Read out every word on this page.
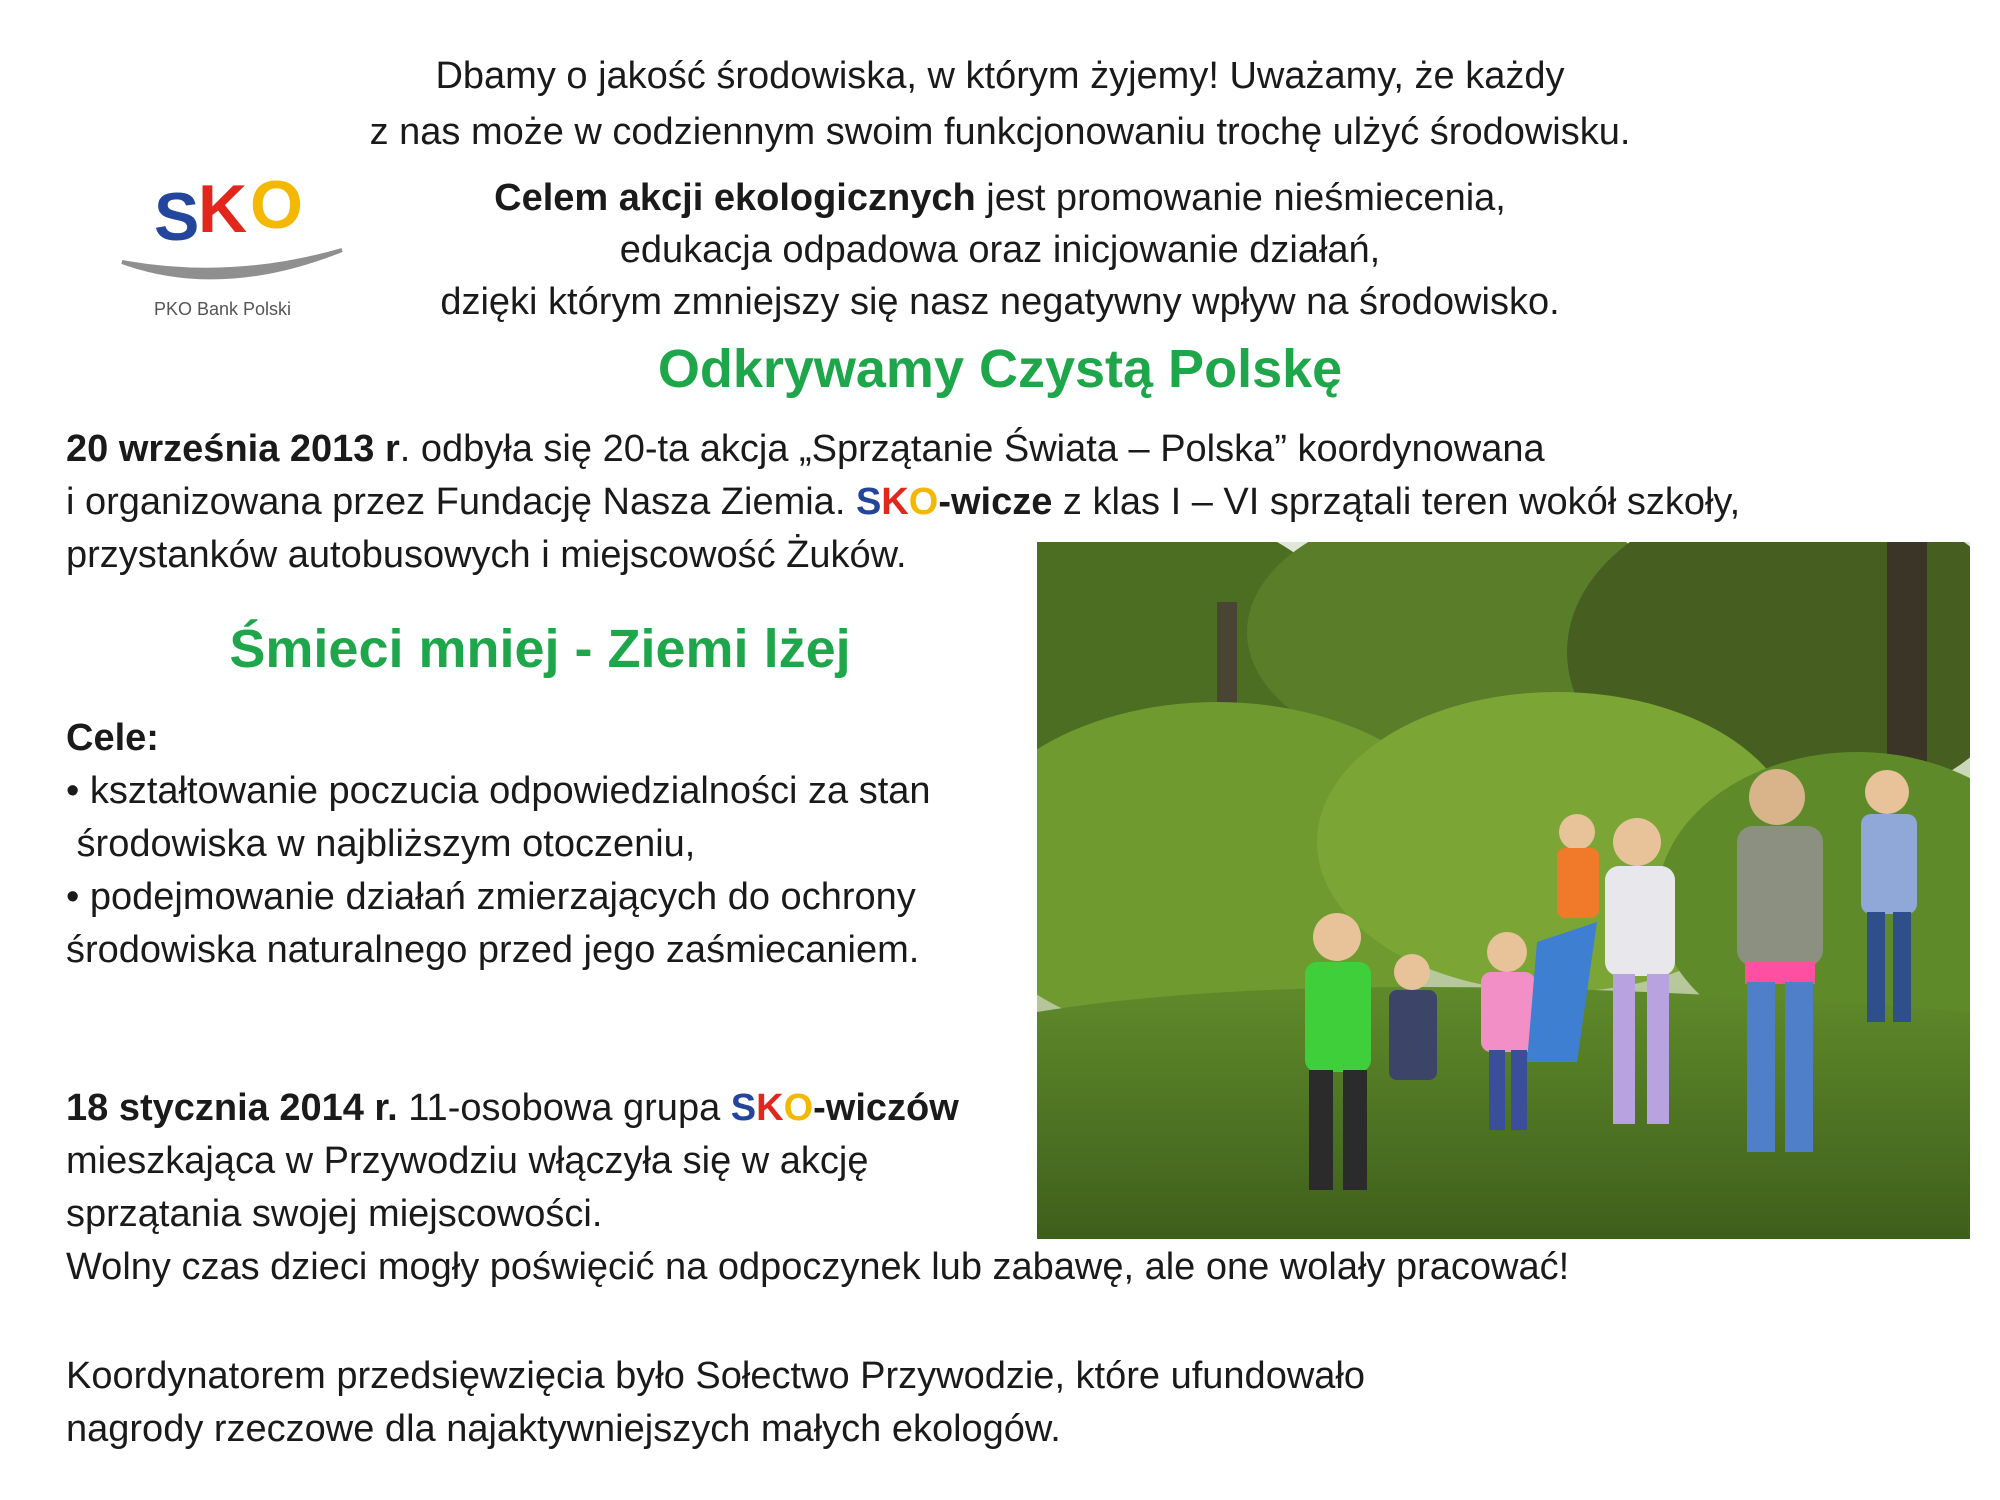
Dbamy o jakość środowiska, w którym żyjemy! Uważamy, że każdy
z nas może w codziennym swoim funkcjonowaniu trochę ulżyć środowisku.
S
K O
PKO Bank Polski
Celem akcji ekologicznych jest promowanie nieśmiecenia,
edukacja odpadowa oraz inicjowanie działań,
dzięki którym zmniejszy się nasz negatywny wpływ na środowisko.
Odkrywamy Czystą Polskę
20 września 2013 r. odbyła się 20-ta akcja „Sprzątanie Świata – Polska” koordynowana
i organizowana przez Fundację Nasza Ziemia. SKO-wicze z klas I – VI sprzątali teren wokół szkoły,
przystanków autobusowych i miejscowość Żuków.
Śmieci mniej - Ziemi lżej
Cele:
• kształtowanie poczucia odpowiedzialności za stan
środowiska w najbliższym otoczeniu,
• podejmowanie działań zmierzających do ochrony
środowiska naturalnego przed jego zaśmiecaniem.
18 stycznia 2014 r. 11-osobowa grupa SKO-wiczów
mieszkająca w Przywodziu włączyła się w akcję
sprzątania swojej miejscowości.
Wolny czas dzieci mogły poświęcić na odpoczynek lub zabawę, ale one wolały pracować!
Koordynatorem przedsięwzięcia było Sołectwo Przywodzie, które ufundowało
nagrody rzeczowe dla najaktywniejszych małych ekologów.
